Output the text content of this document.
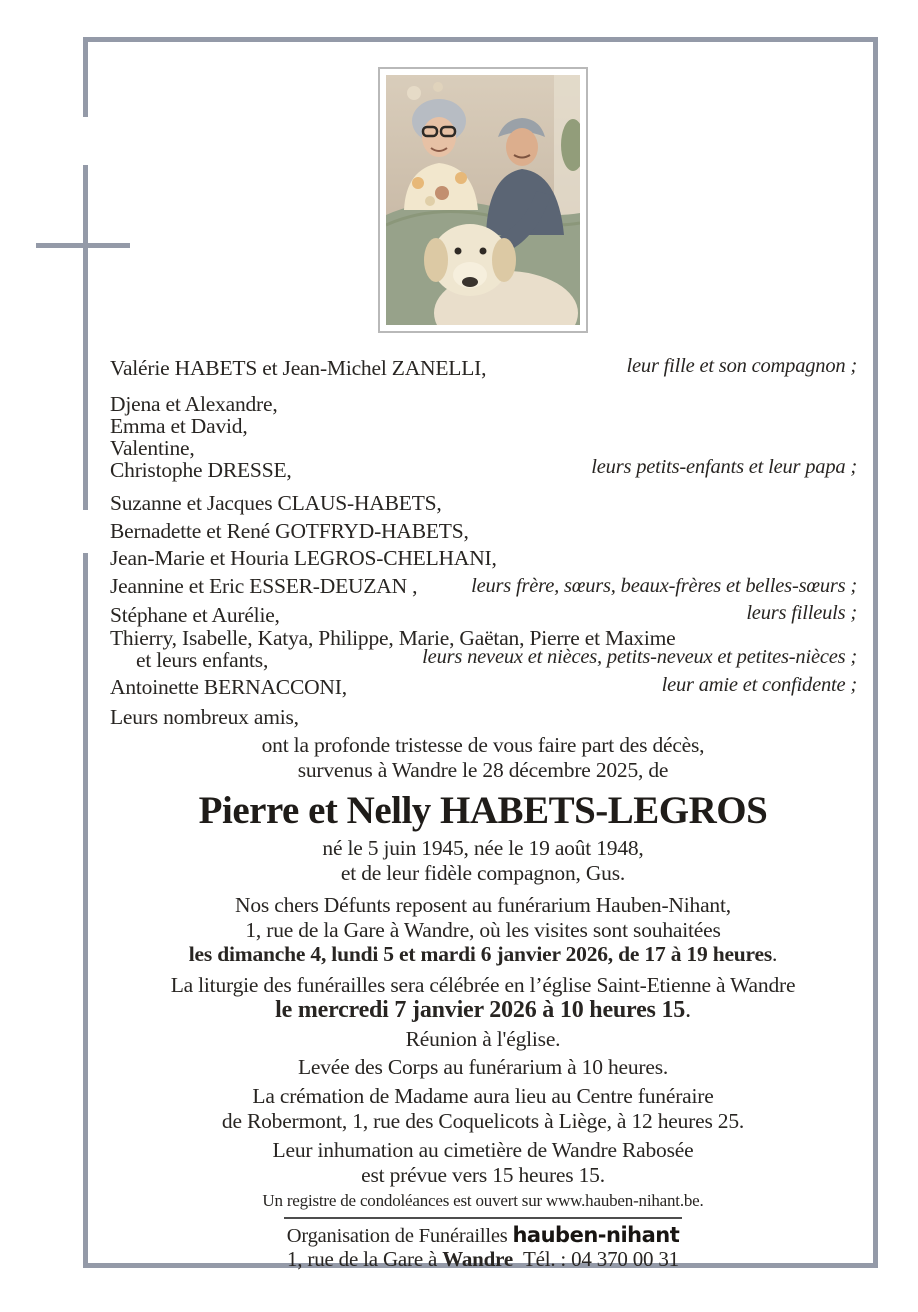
Valérie HABETS et Jean-Michel ZANELLI,	leur fille et son compagnon ;
Djena et Alexandre,
Emma et David,
Valentine,
Christophe DRESSE,	leurs petits-enfants et leur papa ;
Suzanne et Jacques CLAUS-HABETS,
Bernadette et René GOTFRYD-HABETS,
Jean-Marie et Houria LEGROS-CHELHANI,
Jeannine et Eric ESSER-DEUZAN ,	leurs frère, sœurs, beaux-frères et belles-sœurs ;
Stéphane et Aurélie,	leurs filleuls ;
Thierry, Isabelle, Katya, Philippe, Marie, Gaëtan, Pierre et Maxime
et leurs enfants,	leurs neveux et nièces, petits-neveux et petites-nièces ;
Antoinette BERNACCONI,	leur amie et confidente ;
Leurs nombreux amis,

ont la profonde tristesse de vous faire part des décès,

survenus à Wandre le 28 décembre 2025, de

Pierre et Nelly HABETS-LEGROS

né le 5 juin 1945, née le 19 août 1948,

et de leur fidèle compagnon, Gus.

Nos chers Défunts reposent au funérarium Hauben-Nihant,

1, rue de la Gare à Wandre, où les visites sont souhaitées

les dimanche 4, lundi 5 et mardi 6 janvier 2026, de 17 à 19 heures.

La liturgie des funérailles sera célébrée en l’église Saint-Etienne à Wandre

le mercredi 7 janvier 2026 à 10 heures 15.

Réunion à l'église.

Levée des Corps au funérarium à 10 heures.

La crémation de Madame aura lieu au Centre funéraire

de Robermont, 1, rue des Coquelicots à Liège, à 12 heures 25.

Leur inhumation au cimetière de Wandre Rabosée

est prévue vers 15 heures 15.

Un registre de condoléances est ouvert sur www.hauben-nihant.be.

Organisation de Funérailles hauben-nihant

1, rue de la Gare à Wandre Tél. : 04 370 00 31
